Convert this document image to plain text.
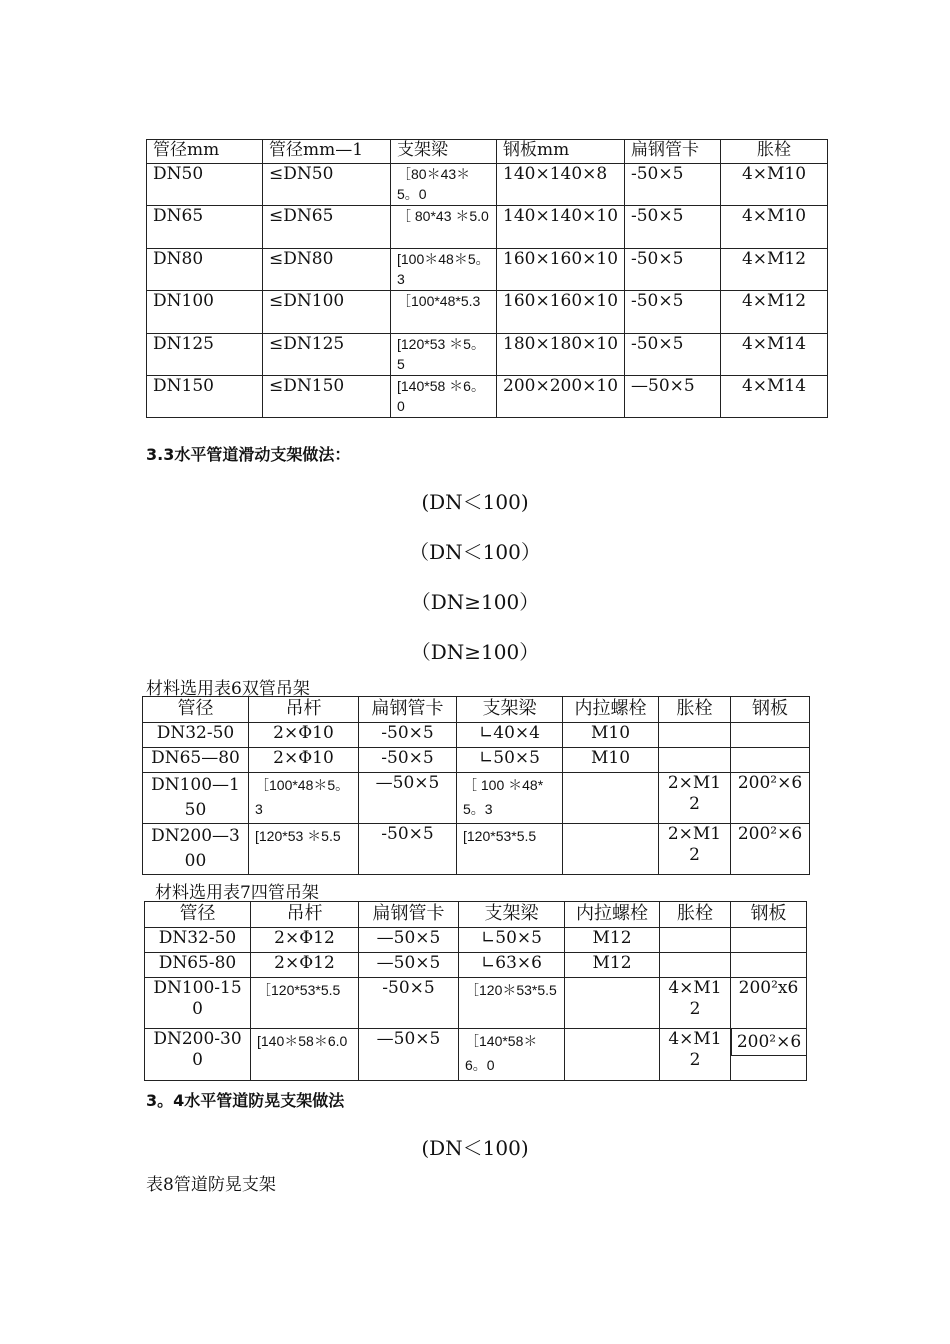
管径mm	管径mm—1	支架梁	钢板mm	扁钢管卡	胀栓
DN50	≤DN50	［80＊43＊5。0	140×140×8	-50×5	4×M10
DN65	≤DN65	［ 80*43 ＊5.0	140×140×10	-50×5	4×M10
DN80	≤DN80	[100＊48＊5。3	160×160×10	-50×5	4×M12
DN100	≤DN100	［100*48*5.3	160×160×10	-50×5	4×M12
DN125	≤DN125	[120*53 ＊5。5	180×180×10	-50×5	4×M14
DN150	≤DN150	[140*58 ＊6。0	200×200×10	—50×5	4×M14
3.3水平管道滑动支架做法：
(DN＜100)
（DN＜100）
（DN≥100）
（DN≥100）
材料选用表6双管吊架
管径	吊杆	扁钢管卡	支架梁	内拉螺栓	胀栓	钢板
DN32-50	2×Φ10	-50×5	∟40×4	M10		
DN65—80	2×Φ10	-50×5	∟50×5	M10		
DN100—150	［100*48＊5。3	—50×5	［ 100 ＊48*5。3		2×M12	200²×6
DN200—300	[120*53 ＊5.5	-50×5	[120*53*5.5		2×M12	200²×6
材料选用表7四管吊架
管径	吊杆	扁钢管卡	支架梁	内拉螺栓	胀栓	钢板
DN32-50	2×Φ12	—50×5	∟50×5	M12		
DN65-80	2×Φ12	—50×5	∟63×6	M12		
DN100-150	［120*53*5.5	-50×5	［120＊53*5.5		4×M12	200²x6
DN200-300	[140＊58＊6.0	—50×5	［140*58＊6。0		4×M12	200²×6
3。4水平管道防晃支架做法
(DN＜100)
表8管道防晃支架
